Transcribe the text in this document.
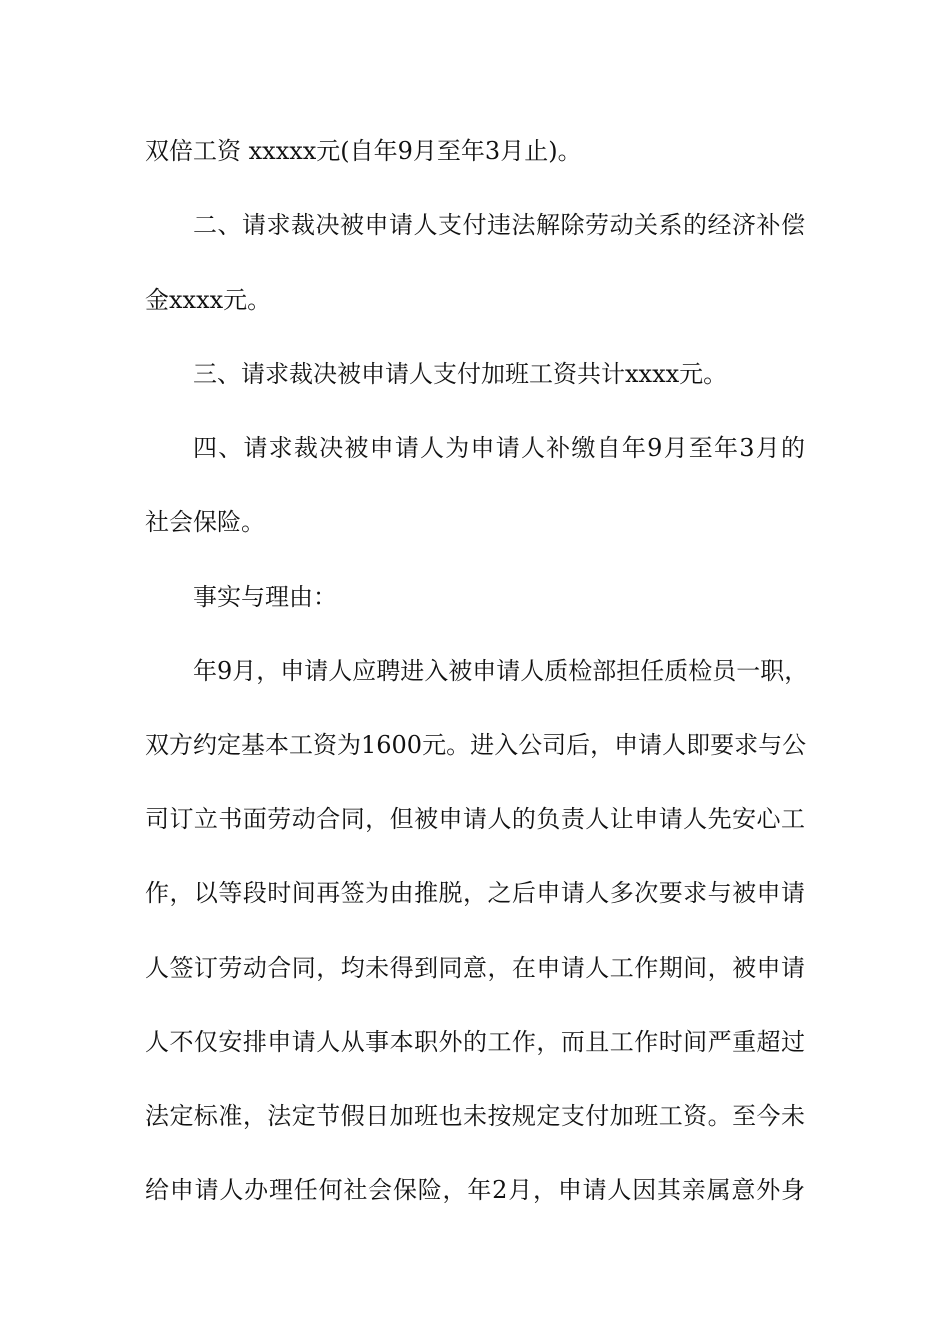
双倍工资 xxxxx元(自年9月至年3月止)。
二、请求裁决被申请人支付违法解除劳动关系的经济补偿
金xxxx元。
三、请求裁决被申请人支付加班工资共计xxxx元。
四、请求裁决被申请人为申请人补缴自年9月至年3月的
社会保险。
事实与理由：
年9月，申请人应聘进入被申请人质检部担任质检员一职，
双方约定基本工资为1600元。进入公司后，申请人即要求与公
司订立书面劳动合同，但被申请人的负责人让申请人先安心工
作，以等段时间再签为由推脱，之后申请人多次要求与被申请
人签订劳动合同，均未得到同意，在申请人工作期间，被申请
人不仅安排申请人从事本职外的工作，而且工作时间严重超过
法定标准，法定节假日加班也未按规定支付加班工资。至今未
给申请人办理任何社会保险，年2月，申请人因其亲属意外身
